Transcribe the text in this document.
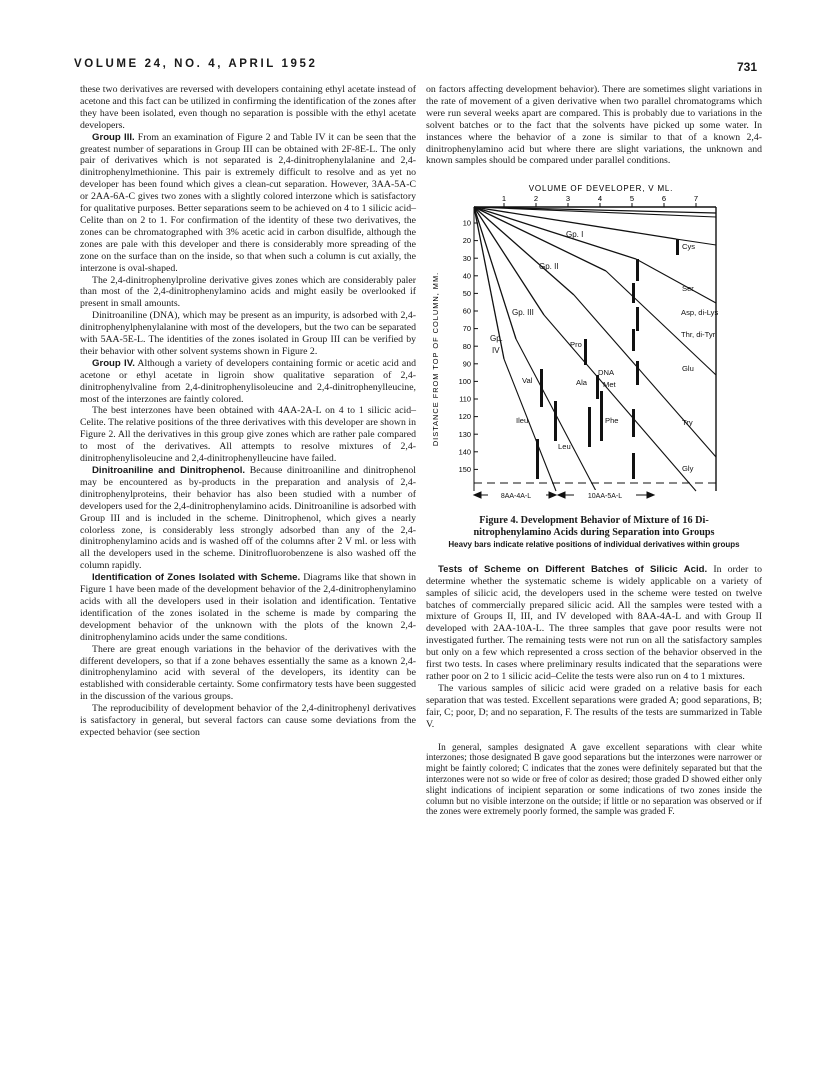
VOLUME 24, NO. 4, APRIL 1952	731

these two derivatives are reversed with developers containing ethyl acetate instead of acetone and this fact can be utilized in confirming the identification of the zones after they have been isolated, even though no separation is possible with the ethyl acetate developers.

Group III. From an examination of Figure 2 and Table IV it can be seen that the greatest number of separations in Group III can be obtained with 2F-8E-L. The only pair of derivatives which is not separated is 2,4-dinitrophenylalanine and 2,4-dinitrophenylmethionine. This pair is extremely difficult to resolve and as yet no developer has been found which gives a clean-cut separation. However, 3AA-5A-C or 2AA-6A-C gives two zones with a slightly colored interzone which is satisfactory for qualitative purposes. Better separations seem to be achieved on 4 to 1 silicic acid–Celite than on 2 to 1. For confirmation of the identity of these two derivatives, the zones can be chromatographed with 3% acetic acid in carbon disulfide, although the zones are pale with this developer and there is considerably more spreading of the zone on the surface than on the inside, so that when such a column is cut axially, the interzone is oval-shaped.

The 2,4-dinitrophenylproline derivative gives zones which are considerably paler than most of the 2,4-dinitrophenylamino acids and might easily be overlooked if present in small amounts.

Dinitroaniline (DNA), which may be present as an impurity, is adsorbed with 2,4-dinitrophenylphenylalanine with most of the developers, but the two can be separated with 5AA-5E-L. The identities of the zones isolated in Group III can be verified by their behavior with other solvent systems shown in Figure 2.

Group IV. Although a variety of developers containing formic or acetic acid and acetone or ethyl acetate in ligroin show qualitative separation of 2,4-dinitrophenylvaline from 2,4-dinitrophenylisoleucine and 2,4-dinitrophenylleucine, most of the interzones are faintly colored.

The best interzones have been obtained with 4AA-2A-L on 4 to 1 silicic acid–Celite. The relative positions of the three derivatives with this developer are shown in Figure 2. All the derivatives in this group give zones which are rather pale compared to most of the derivatives. All attempts to resolve mixtures of 2,4-dinitrophenylisoleucine and 2,4-dinitrophenylleucine have failed.

Dinitroaniline and Dinitrophenol. Because dinitroaniline and dinitrophenol may be encountered as by-products in the preparation and analysis of 2,4-dinitrophenylproteins, their behavior has also been studied with a number of developers used for the 2,4-dinitrophenylamino acids. Dinitroaniline is adsorbed with Group III and is included in the scheme. Dinitrophenol, which gives a nearly colorless zone, is considerably less strongly adsorbed than any of the 2,4-dinitrophenylamino acids and is washed off of the columns after 2 V ml. or less with all the developers used in the scheme. Dinitrofluorobenzene is also washed off the column rapidly.

Identification of Zones Isolated with Scheme. Diagrams like that shown in Figure 1 have been made of the development behavior of the 2,4-dinitrophenylamino acids with all the developers used in their isolation and identification. Tentative identification of the zones isolated in the scheme is made by comparing the development behavior of the unknown with the plots of the known 2,4-dinitrophenylamino acids under the same conditions.

There are great enough variations in the behavior of the derivatives with the different developers, so that if a zone behaves essentially the same as a known 2,4-dinitrophenylamino acid with several of the developers, its identity can be established with considerable certainty. Some confirmatory tests have been suggested in the discussion of the various groups.

The reproducibility of development behavior of the 2,4-dinitrophenyl derivatives is satisfactory in general, but several factors can cause some deviations from the expected behavior (see section

on factors affecting development behavior). There are sometimes slight variations in the rate of movement of a given derivative when two parallel chromatograms which were run several weeks apart are compared. This is probably due to variations in the solvent batches or to the fact that the solvents have picked up some water. In instances where the behavior of a zone is similar to that of a known 2,4-dinitrophenylamino acid but where there are slight variations, the unknown and known samples should be compared under parallel conditions.

VOLUME OF DEVELOPER, V ML.
1	2	3	4	5	6	7
DISTANCE FROM TOP OF COLUMN, MM.
10
20
30
40
50
60
70
80
90
100
110
120
130
140
150
Gp. I
Gp. II
Gp. III
Gp.
IV
Pro
DNA
Met
Ala
Val
Phe
Ileu
Leu
Cys
Ser
Asp, di-Lys
Thr, di-Tyr
Glu
Try
Gly
8AA-4A-L	10AA-5A-L
Figure 4. Development Behavior of Mixture of 16 Di-nitrophenylamino Acids during Separation into Groups
Heavy bars indicate relative positions of individual derivatives within groups

Tests of Scheme on Different Batches of Silicic Acid. In order to determine whether the systematic scheme is widely applicable on a variety of samples of silicic acid, the developers used in the scheme were tested on twelve batches of commercially prepared silicic acid. All the samples were tested with a mixture of Groups II, III, and IV developed with 8AA-4A-L and with Group II developed with 2AA-10A-L. The three samples that gave poor results were not investigated further. The remaining tests were not run on all the satisfactory samples but only on a few which represented a cross section of the behavior observed in the first two tests. In cases where preliminary results indicated that the separations were rather poor on 2 to 1 silicic acid–Celite the tests were also run on 4 to 1 mixtures.

The various samples of silicic acid were graded on a relative basis for each separation that was tested. Excellent separations were graded A; good separations, B; fair, C; poor, D; and no separation, F. The results of the tests are summarized in Table V.

In general, samples designated A gave excellent separations with clear white interzones; those designated B gave good separations but the interzones were narrower or might be faintly colored; C indicates that the zones were definitely separated but that the interzones were not so wide or free of color as desired; those graded D showed either only slight indications of incipient separation or some indications of two zones inside the column but no visible interzone on the outside; if little or no separation was observed or if the zones were extremely poorly formed, the sample was graded F.
